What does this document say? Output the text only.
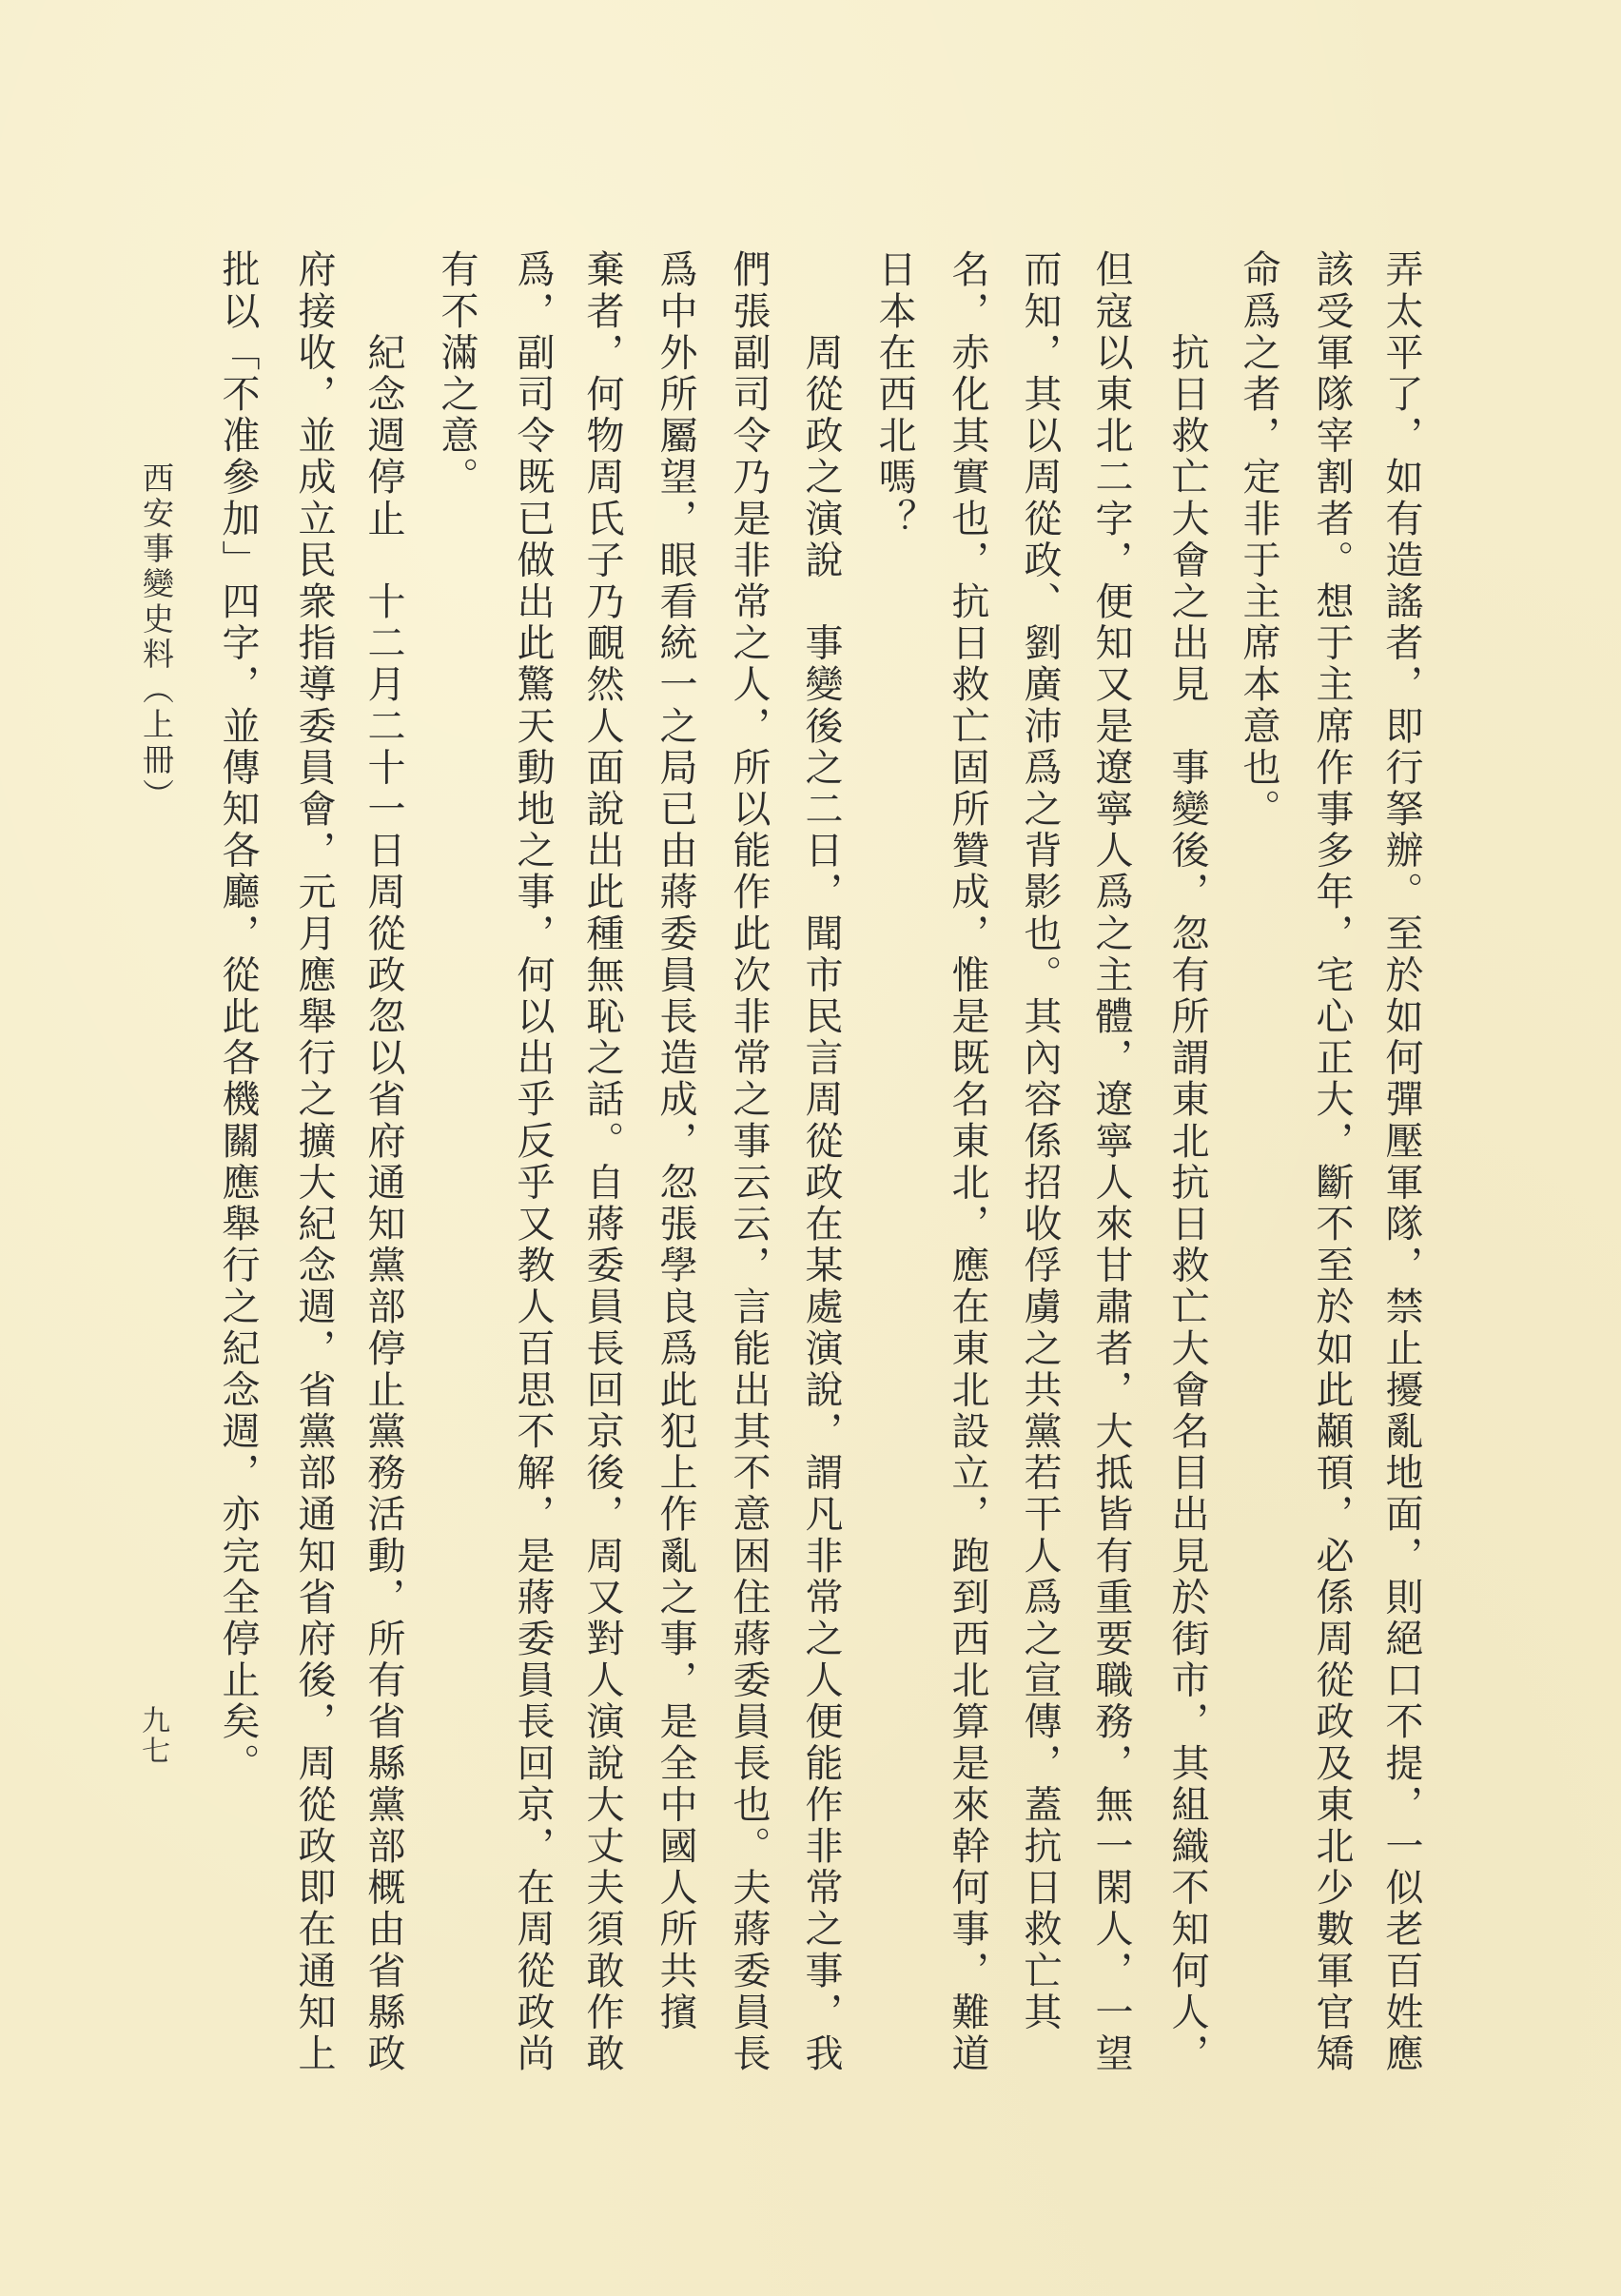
弄太平了，如有造謠者，即行拏辦。至於如何彈壓軍隊，禁止擾亂地面，則絕口不提，一似老百姓應
該受軍隊宰割者。想于主席作事多年，宅心正大，斷不至於如此顢頇，必係周從政及東北少數軍官矯
命爲之者，定非于主席本意也。
　　抗日救亡大會之出見　事變後，忽有所謂東北抗日救亡大會名目出見於街市，其組織不知何人，
但寇以東北二字，便知又是遼寧人爲之主體，遼寧人來甘肅者，大抵皆有重要職務，無一閑人，一望
而知，其以周從政、劉廣沛爲之背影也。其內容係招收俘虜之共黨若干人爲之宣傳，蓋抗日救亡其
名，赤化其實也，抗日救亡固所贊成，惟是既名東北，應在東北設立，跑到西北算是來幹何事，難道
日本在西北嗎？
　　周從政之演說　事變後之二日，聞市民言周從政在某處演說，謂凡非常之人便能作非常之事，我
們張副司令乃是非常之人，所以能作此次非常之事云云，言能出其不意困住蔣委員長也。夫蔣委員長
爲中外所屬望，眼看統一之局已由蔣委員長造成，忽張學良爲此犯上作亂之事，是全中國人所共擯
棄者，何物周氏子乃靦然人面說出此種無恥之話。自蔣委員長回京後，周又對人演說大丈夫須敢作敢
爲，副司令既已做出此驚天動地之事，何以出乎反乎又教人百思不解，是蔣委員長回京，在周從政尚
有不滿之意。
　　紀念週停止　十二月二十一日周從政忽以省府通知黨部停止黨務活動，所有省縣黨部概由省縣政
府接收，並成立民衆指導委員會，元月應舉行之擴大紀念週，省黨部通知省府後，周從政即在通知上
批以「不准參加」四字，並傳知各廳，從此各機關應舉行之紀念週，亦完全停止矣。
西安事變史料（上冊）
九七
